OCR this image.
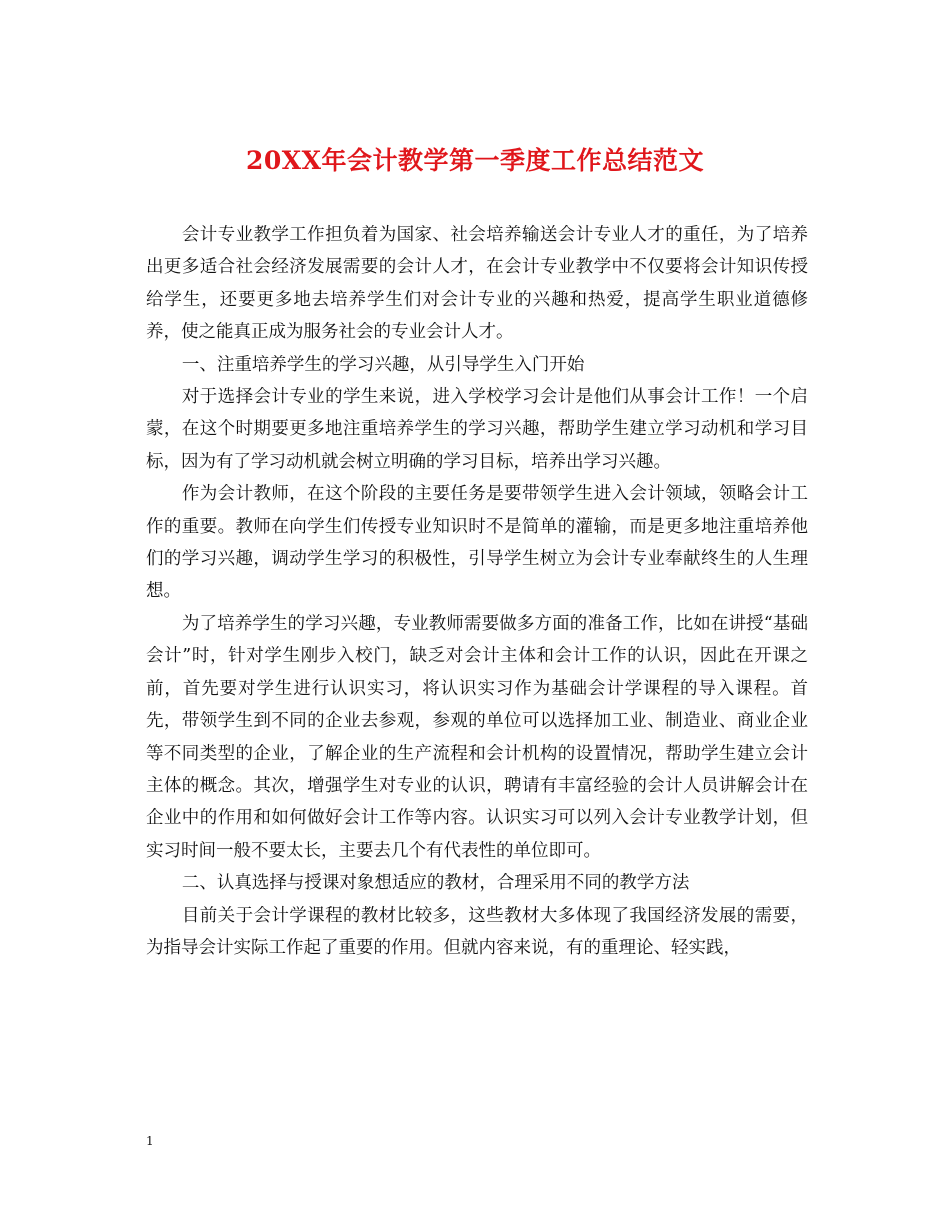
20XX年会计教学第一季度工作总结范文

会计专业教学工作担负着为国家、社会培养输送会计专业人才的重任，为了培养出更多适合社会经济发展需要的会计人才，在会计专业教学中不仅要将会计知识传授给学生，还要更多地去培养学生们对会计专业的兴趣和热爱，提高学生职业道德修养，使之能真正成为服务社会的专业会计人才。

一、注重培养学生的学习兴趣，从引导学生入门开始

对于选择会计专业的学生来说，进入学校学习会计是他们从事会计工作！一个启蒙，在这个时期要更多地注重培养学生的学习兴趣，帮助学生建立学习动机和学习目标，因为有了学习动机就会树立明确的学习目标，培养出学习兴趣。

作为会计教师，在这个阶段的主要任务是要带领学生进入会计领域，领略会计工作的重要。教师在向学生们传授专业知识时不是简单的灌输，而是更多地注重培养他们的学习兴趣，调动学生学习的积极性，引导学生树立为会计专业奉献终生的人生理想。

为了培养学生的学习兴趣，专业教师需要做多方面的准备工作，比如在讲授“基础会计”时，针对学生刚步入校门，缺乏对会计主体和会计工作的认识，因此在开课之前，首先要对学生进行认识实习，将认识实习作为基础会计学课程的导入课程。首先，带领学生到不同的企业去参观，参观的单位可以选择加工业、制造业、商业企业等不同类型的企业，了解企业的生产流程和会计机构的设置情况，帮助学生建立会计主体的概念。其次，增强学生对专业的认识，聘请有丰富经验的会计人员讲解会计在企业中的作用和如何做好会计工作等内容。认识实习可以列入会计专业教学计划，但实习时间一般不要太长，主要去几个有代表性的单位即可。

二、认真选择与授课对象想适应的教材，合理采用不同的教学方法

目前关于会计学课程的教材比较多，这些教材大多体现了我国经济发展的需要，为指导会计实际工作起了重要的作用。但就内容来说，有的重理论、轻实践，

1
